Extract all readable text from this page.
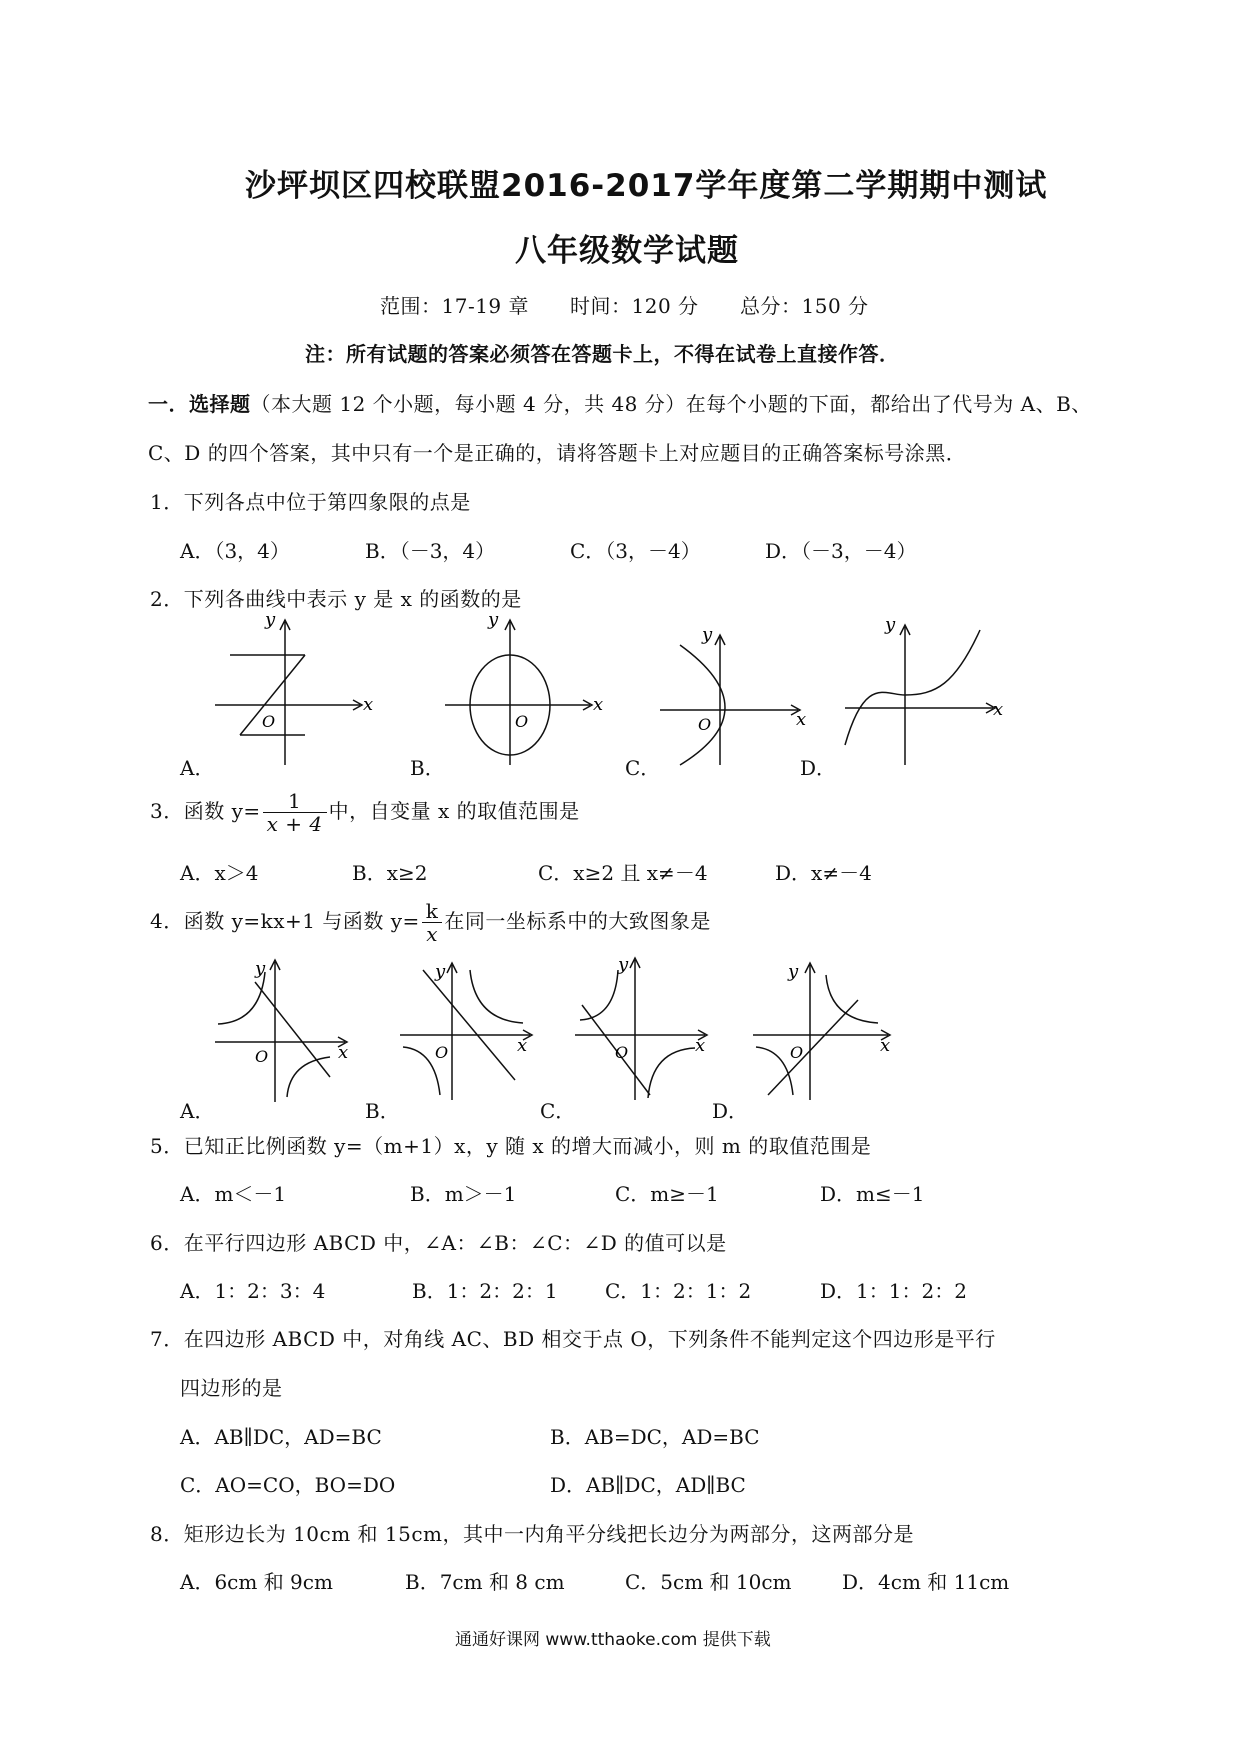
沙坪坝区四校联盟2016-2017学年度第二学期期中测试
八年级数学试题
范围：17-19 章 时间：120 分 总分：150 分
注：所有试题的答案必须答在答题卡上，不得在试卷上直接作答．
一．选择题（本大题 12 个小题，每小题 4 分，共 48 分）在每个小题的下面，都给出了代号为 A、B、
C、D 的四个答案，其中只有一个是正确的，请将答题卡上对应题目的正确答案标号涂黑．
1．下列各点中位于第四象限的点是
A．（3，4）	B．（－3，4）	C．（3，－4）	D．（－3，－4）
2．下列各曲线中表示 y 是 x 的函数的是
y
x
O
A．
y
x
O
B．
y
x
O
C．
y
x
D．
3．函数 $y= \frac{1}{x + 4}$ 中，自变量 x 的取值范围是
A．x＞4	B．x≥2	C．x≥2 且 x≠－4	D．x≠－4
4．函数 y=kx+1 与函数 $y= \frac{k}{x}$ 在同一坐标系中的大致图象是
y
x
O
A．
y
x
O
B．
y
x
O
C．
y
x
O
D．
5．已知正比例函数 y=（m+1）x，y 随 x 的增大而减小，则 m 的取值范围是
A．m＜－1	B．m＞－1	C．m≥－1	D．m≤－1
6．在平行四边形 ABCD 中，∠A：∠B：∠C：∠D 的值可以是
A．1：2：3：4	B．1：2：2：1 C．1：2：1：2	D．1：1：2：2
7．在四边形 ABCD 中，对角线 AC、BD 相交于点 O，下列条件不能判定这个四边形是平行
四边形的是
A．AB∥DC，AD=BC	B．AB=DC，AD=BC
C．AO=CO，BO=DO	D．AB∥DC，AD∥BC
8．矩形边长为 10cm 和 15cm，其中一内角平分线把长边分为两部分，这两部分是
A．6cm 和 9cm	B．7cm 和 8 cm	C．5cm 和 10cm	D．4cm 和 11cm
通通好课网 www.tthaoke.com 提供下载
